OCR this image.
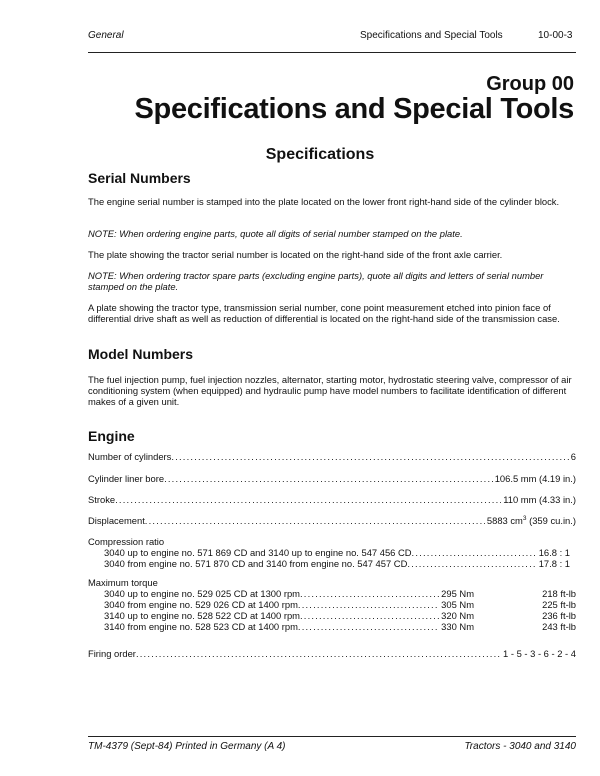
General	Specifications and Special Tools	10-00-3
Group 00
Specifications and Special Tools
Specifications
Serial Numbers

The engine serial number is stamped into the plate located on the lower front right-hand side of the cylinder block.

NOTE: When ordering engine parts, quote all digits of serial number stamped on the plate.

The plate showing the tractor serial number is located on the right-hand side of the front axle carrier.

NOTE: When ordering tractor spare parts (excluding engine parts), quote all digits and letters of serial number stamped on the plate.

A plate showing the tractor type, transmission serial number, cone point measurement etched into pinion face of differential drive shaft as well as reduction of differential is located on the right-hand side of the transmission case.

Model Numbers

The fuel injection pump, fuel injection nozzles, alternator, starting motor, hydrostatic steering valve, compressor of air conditioning system (when equipped) and hydraulic pump have model numbers to facilitate identification of different makes of a given unit.

Engine
Number of cylinders .....	6
Cylinder liner bore .....	106.5 mm (4.19 in.)
Stroke .....	110 mm (4.33 in.)
Displacement .....	5883 $cm^3$ (359 cu.in.)
Compression ratio
3040 up to engine no. 571 869 CD and 3140 up to engine no. 547 456 CD .....	16.8 : 1
3040 from engine no. 571 870 CD and 3140 from engine no. 547 457 CD .....	17.8 : 1
Maximum torque
3040 up to engine no. 529 025 CD at 1300 rpm .....	295 Nm	218 ft-lb
3040 from engine no. 529 026 CD at 1400 rpm .....	305 Nm	225 ft-lb
3140 up to engine no. 528 522 CD at 1400 rpm .....	320 Nm	236 ft-lb
3140 from engine no. 528 523 CD at 1400 rpm .....	330 Nm	243 ft-lb
Firing order .....	1 - 5 - 3 - 6 - 2 - 4
TM-4379 (Sept-84) Printed in Germany (A 4)	Tractors - 3040 and 3140
